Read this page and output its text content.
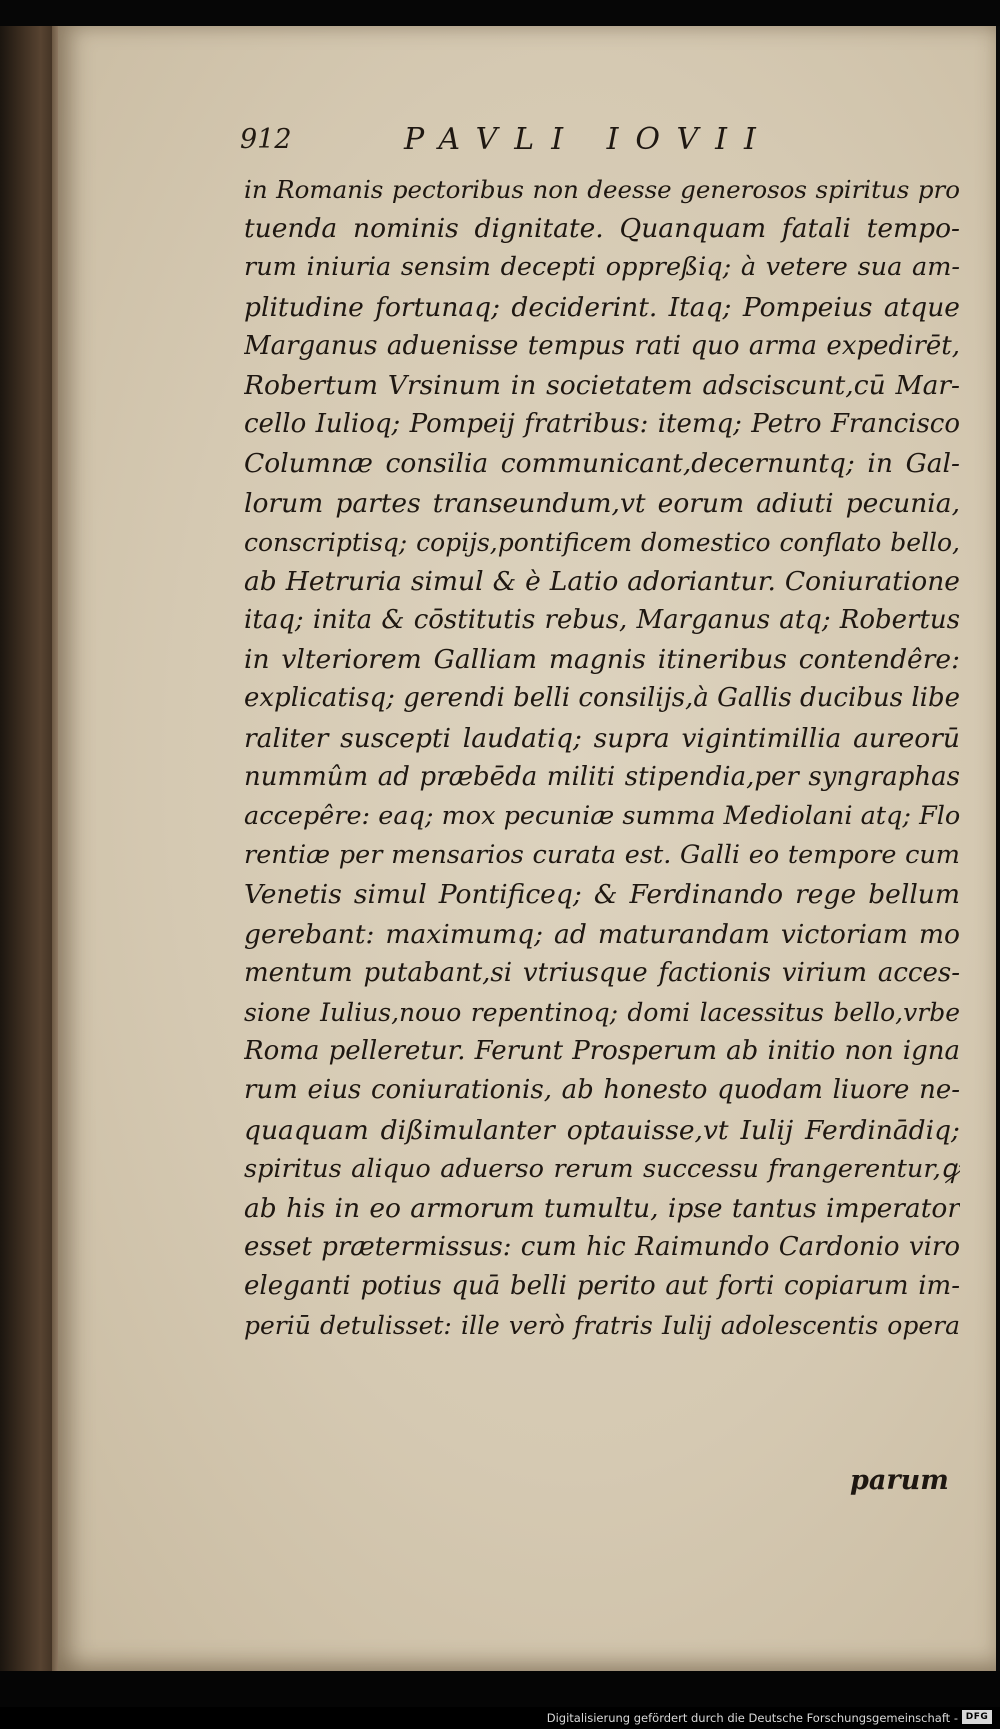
912	PAVLI IOVII
in Romanis pectoribus non deesse generosos spiritus pro
tuenda nominis dignitate. Quanquam fatali tempo-
rum iniuria sensim decepti oppreßiq; à vetere sua am-
plitudine fortunaq; deciderint. Itaq; Pompeius atque
Marganus aduenisse tempus rati quo arma expedirēt,
Robertum Vrsinum in societatem adsciscunt,cū Mar-
cello Iulioq; Pompeij fratribus: itemq; Petro Francisco
Columnæ consilia communicant,decernuntq; in Gal-
lorum partes transeundum,vt eorum adiuti pecunia,
conscriptisq; copijs,pontificem domestico conflato bello,
ab Hetruria simul & è Latio adoriantur. Coniuratione
itaq; inita & cōstitutis rebus, Marganus atq; Robertus
in vlteriorem Galliam magnis itineribus contendêre:
explicatisq; gerendi belli consilijs,à Gallis ducibus libe
raliter suscepti laudatiq; supra vigintimillia aureorū
nummûm ad præbēda militi stipendia,per syngraphas
accepêre: eaq; mox pecuniæ summa Mediolani atq; Flo
rentiæ per mensarios curata est. Galli eo tempore cum
Venetis simul Pontificeq; & Ferdinando rege bellum
gerebant: maximumq; ad maturandam victoriam mo
mentum putabant,si vtriusque factionis virium acces-
sione Iulius,nouo repentinoq; domi lacessitus bello,vrbe
Roma pelleretur. Ferunt Prosperum ab initio non igna
rum eius coniurationis, ab honesto quodam liuore ne-
quaquam dißimulanter optauisse,vt Iulij Ferdinādiq;
spiritus aliquo aduerso rerum successu frangerentur,ꝙ
ab his in eo armorum tumultu, ipse tantus imperator
esset prætermissus: cum hic Raimundo Cardonio viro
eleganti potius quā belli perito aut forti copiarum im-
periū detulisset: ille verò fratris Iulij adolescentis opera
parum
Digitalisierung gefördert durch die Deutsche Forschungsgemeinschaft - DFG
